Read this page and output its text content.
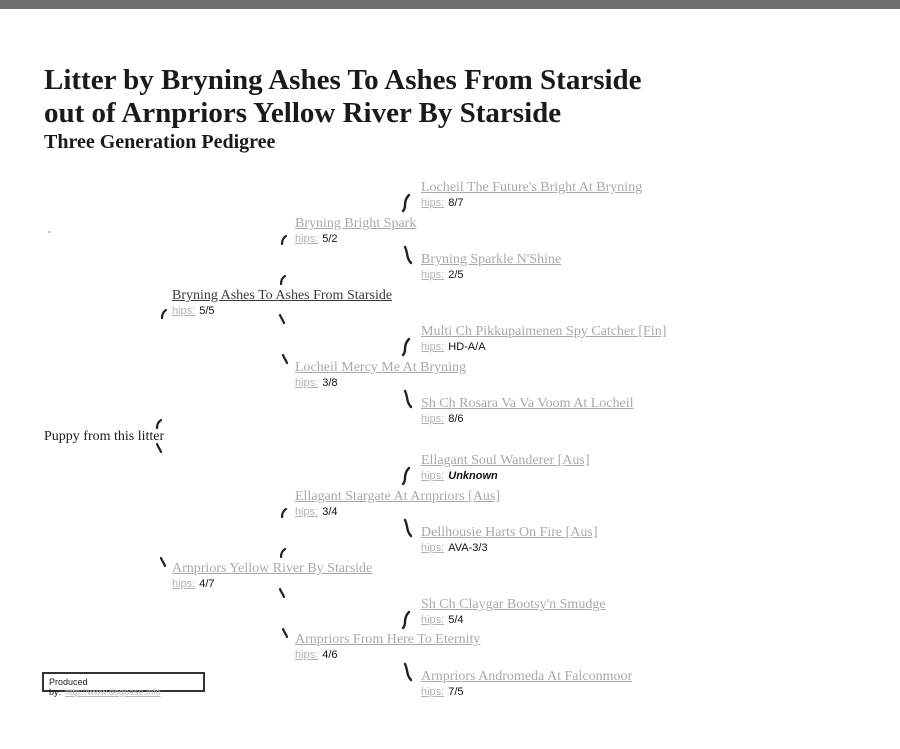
Litter by Bryning Ashes To Ashes From Starside
out of Arnpriors Yellow River By Starside
Three Generation Pedigree
Locheil The Future's Bright At Bryning
hips: 8/7
Bryning Sparkle N'Shine
hips: 2/5
Multi Ch Pikkupaimenen Spy Catcher [Fin]
hips: HD-A/A
Sh Ch Rosara Va Va Voom At Locheil
hips: 8/6
Ellagant Soul Wanderer [Aus]
hips: Unknown
Dellhousie Harts On Fire [Aus]
hips: AVA-3/3
Sh Ch Claygar Bootsy'n Smudge
hips: 5/4
Arnpriors Andromeda At Falconmoor
hips: 7/5
Bryning Bright Spark
hips: 5/2
Locheil Mercy Me At Bryning
hips: 3/8
Ellagant Stargate At Arnpriors [Aus]
hips: 3/4
Arnpriors From Here To Eternity
hips: 4/6
Bryning Ashes To Ashes From Starside
hips: 5/5
Arnpriors Yellow River By Starside
hips: 4/7
Puppy from this litter
Produced by: http://www.dogbase.info
